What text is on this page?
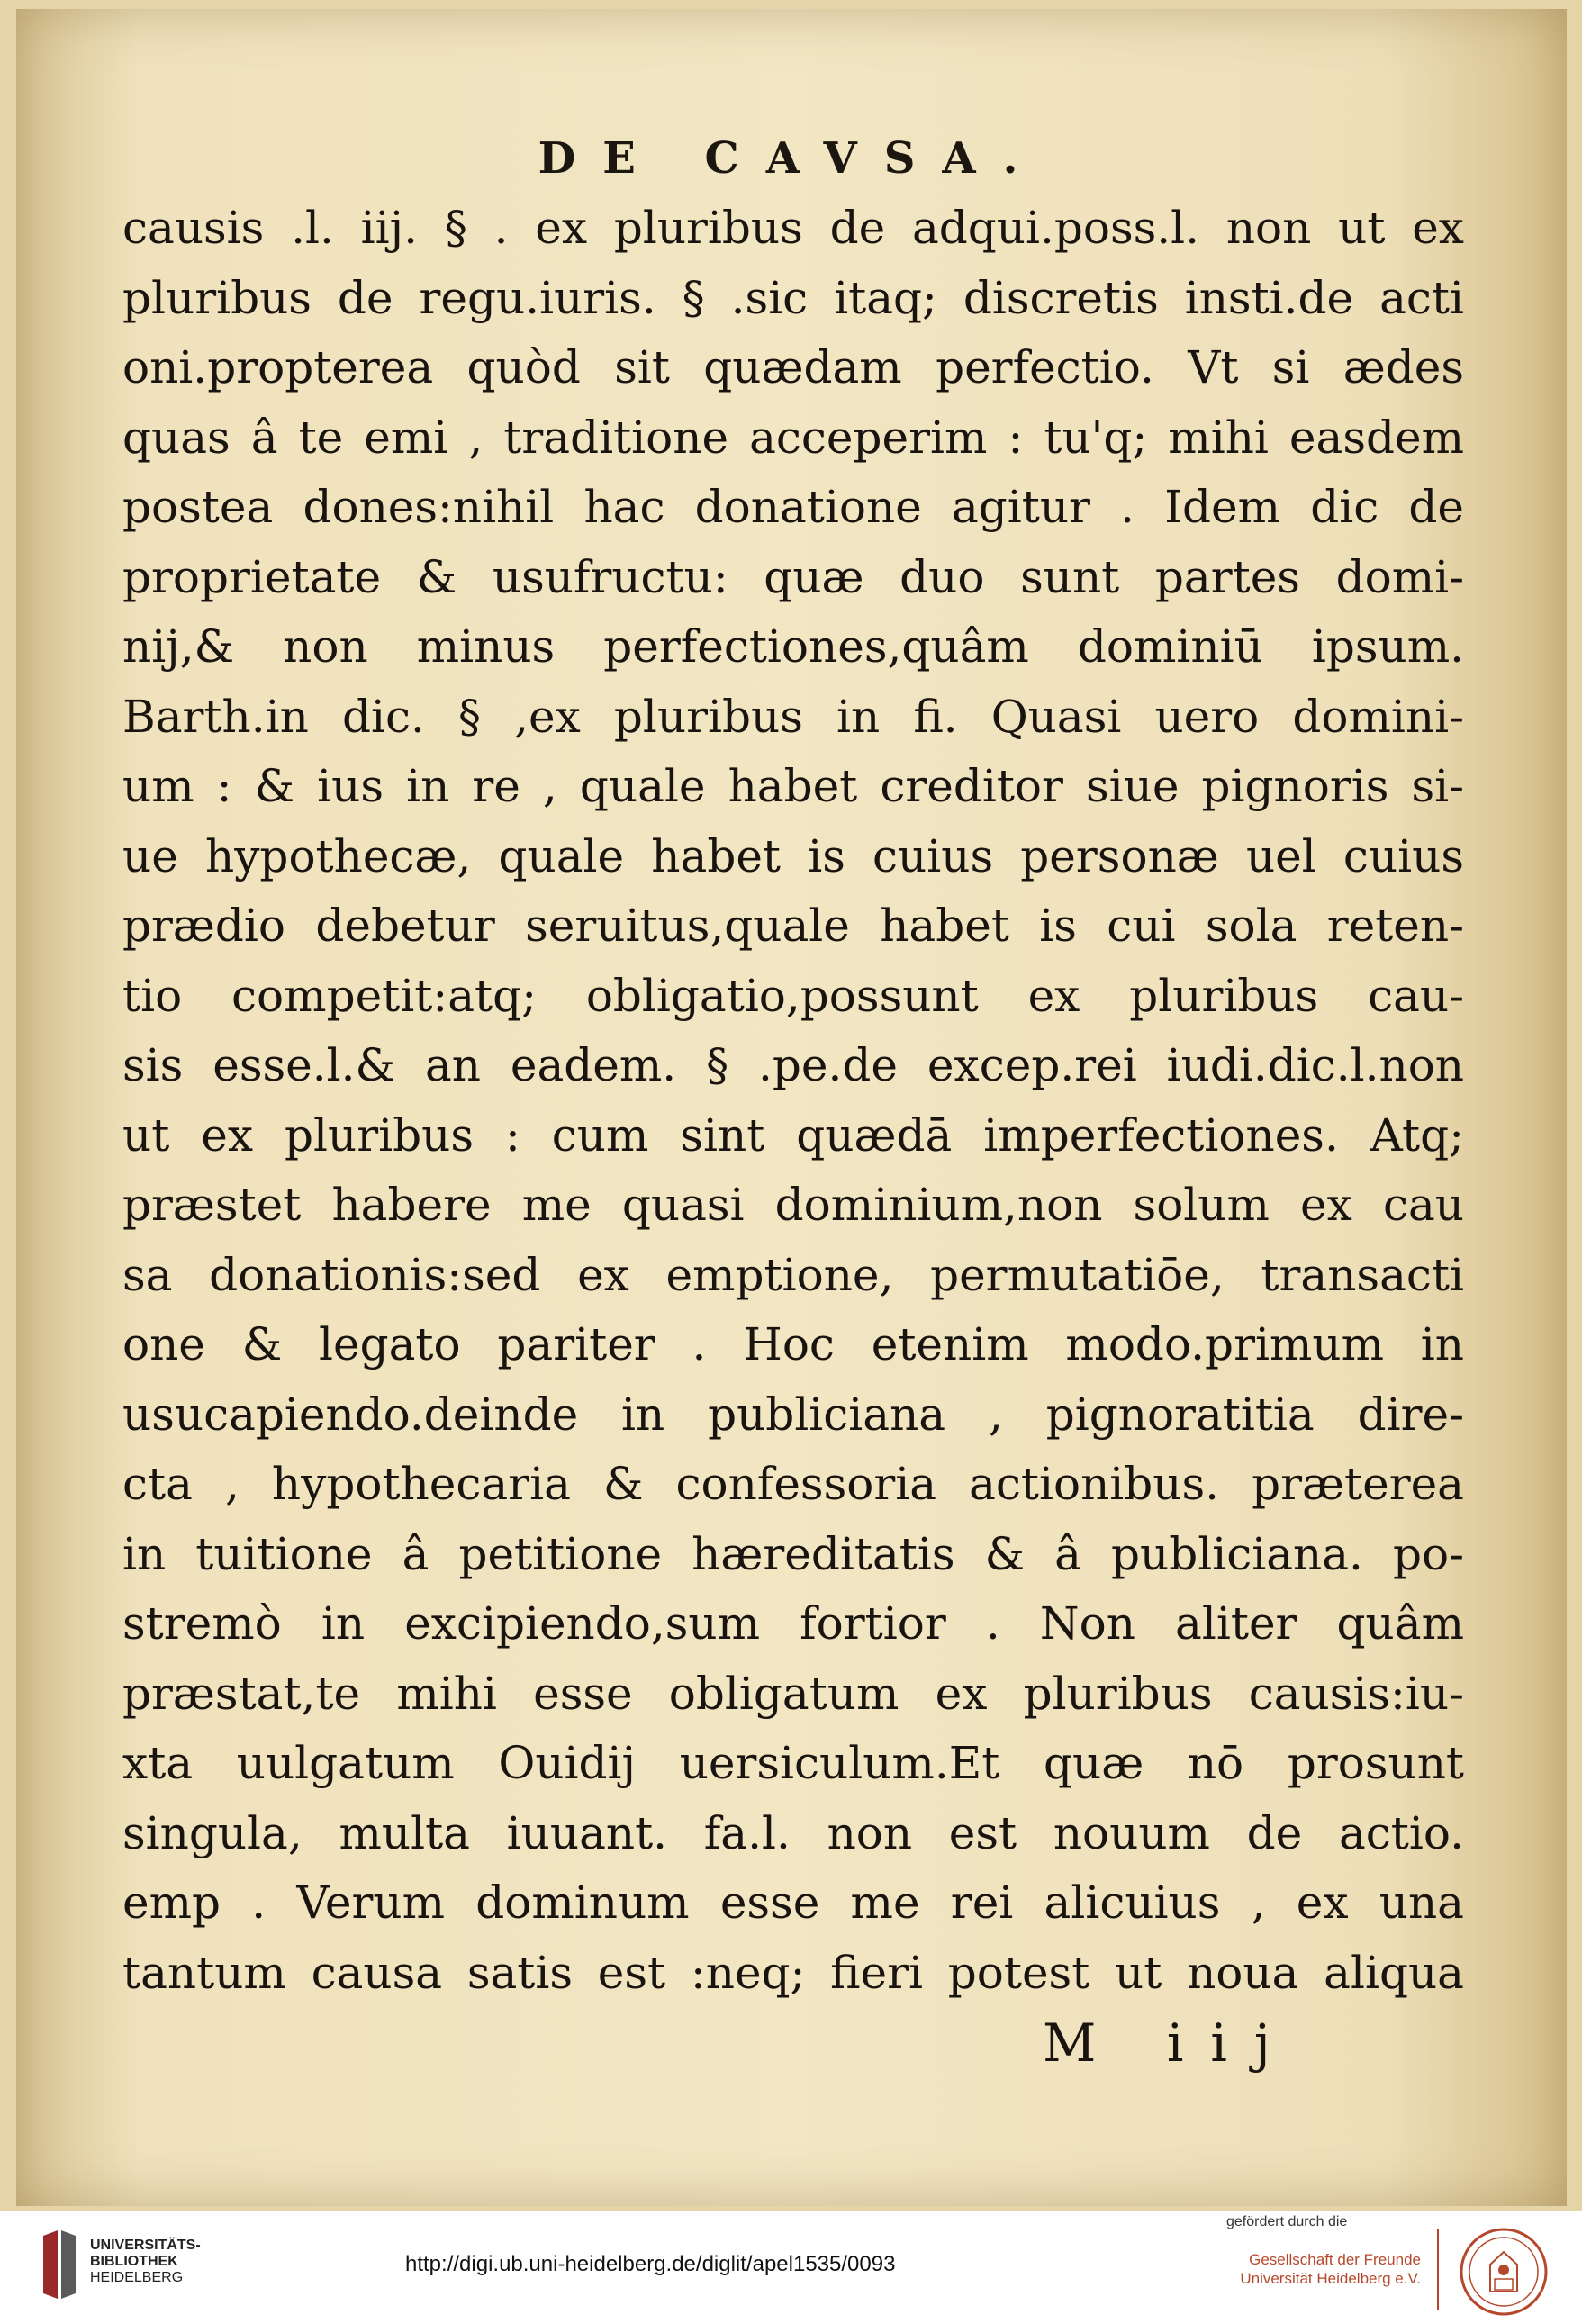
DE CAVSA.
causis .l. iij. § . ex pluribus de adqui.poss.l. non ut ex
pluribus de regu.iuris. § .sic itaq; discretis insti.de acti
oni.propterea quòd sit quædam perfectio. Vt si ædes
quas â te emi , traditione acceperim : tu'q; mihi easdem
postea dones:nihil hac donatione agitur . Idem dic de
proprietate & usufructu: quæ duo sunt partes domi-
nij,& non minus perfectiones,quâm dominiū ipsum.
Barth.in dic. § ,ex pluribus in fi. Quasi uero domini-
um : & ius in re , quale habet creditor siue pignoris si-
ue hypothecæ, quale habet is cuius personæ uel cuius
prædio debetur seruitus,quale habet is cui sola reten-
tio competit:atq; obligatio,possunt ex pluribus cau-
sis esse.l.& an eadem. § .pe.de excep.rei iudi.dic.l.non
ut ex pluribus : cum sint quædā imperfectiones. Atq;
præstet habere me quasi dominium,non solum ex cau
sa donationis:sed ex emptione, permutatiōe, transacti
one & legato pariter . Hoc etenim modo.primum in
usucapiendo.deinde in publiciana , pignoratitia dire-
cta , hypothecaria & confessoria actionibus. præterea
in tuitione â petitione hæreditatis & â publiciana. po-
stremò in excipiendo,sum fortior . Non aliter quâm
præstat,te mihi esse obligatum ex pluribus causis:iu-
xta uulgatum Ouidij uersiculum.Et quæ nō prosunt
singula, multa iuuant. fa.l. non est nouum de actio.
emp . Verum dominum esse me rei alicuius , ex una
tantum causa satis est :neq; fieri potest ut noua aliqua
M iij
UNIVERSITÄTS-
BIBLIOTHEK
HEIDELBERG
http://digi.ub.uni-heidelberg.de/diglit/apel1535/0093
gefördert durch die
Gesellschaft der Freunde
Universität Heidelberg e.V.
